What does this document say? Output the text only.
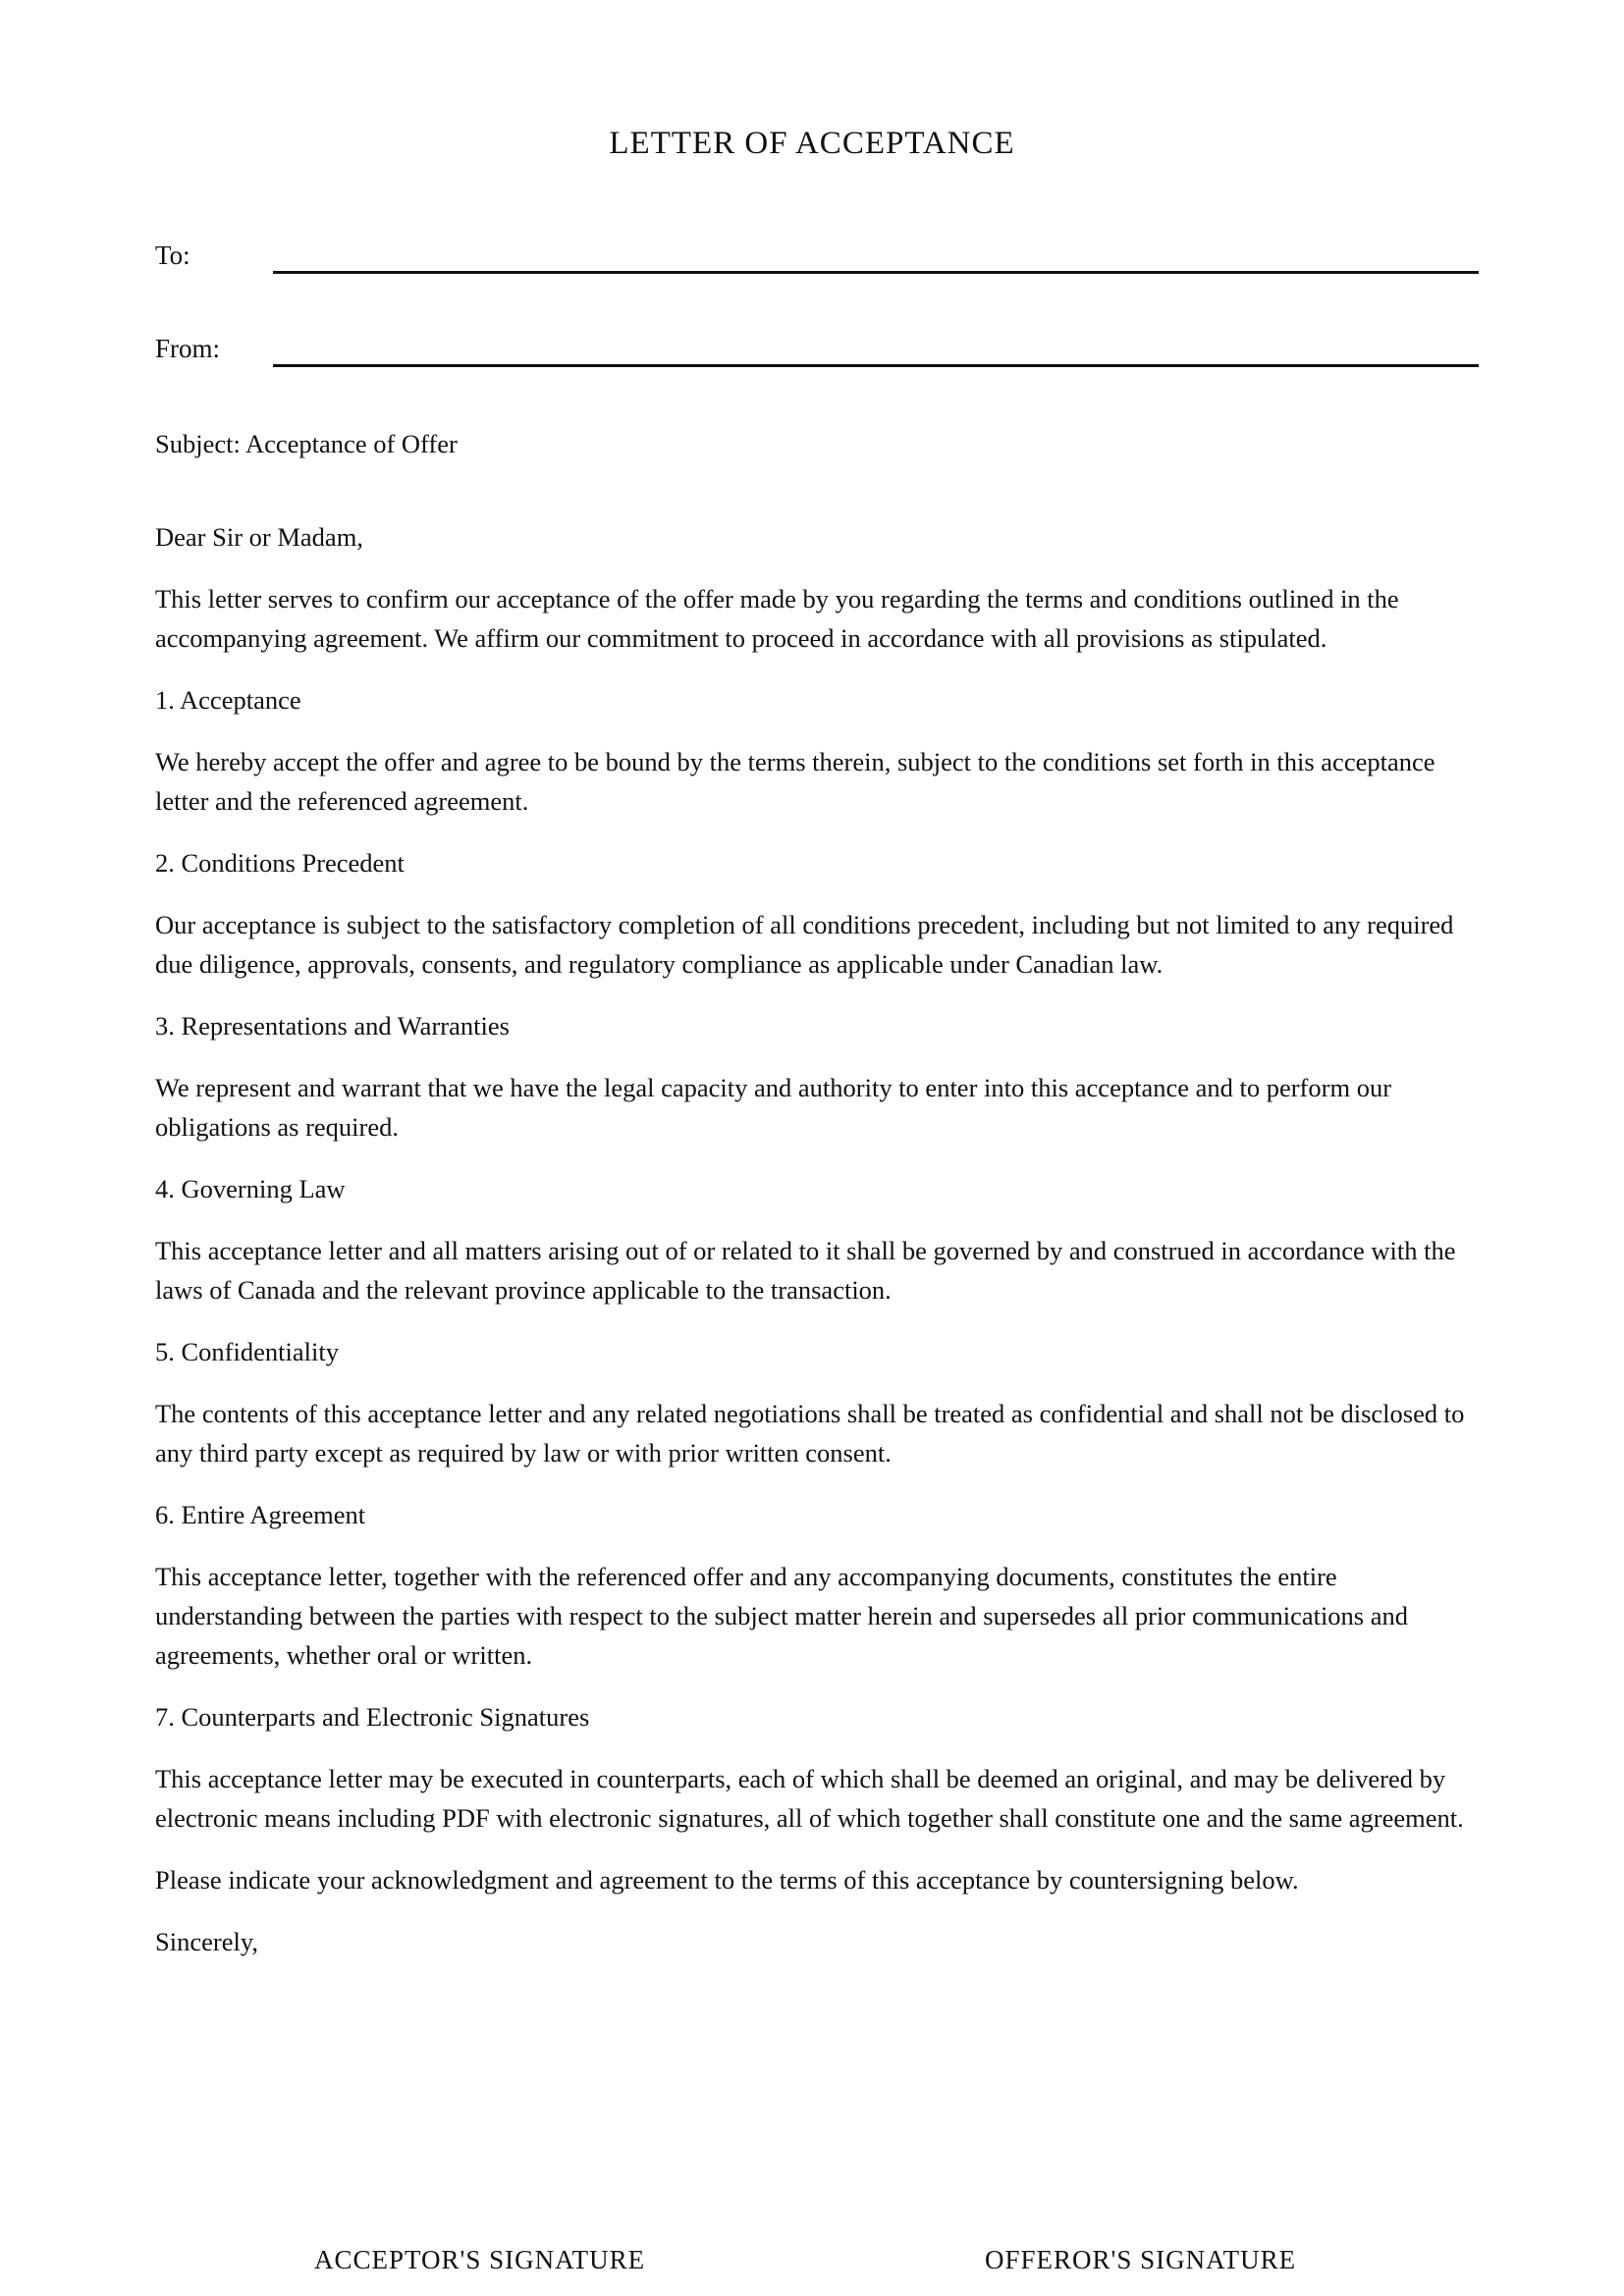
LETTER OF ACCEPTANCE
To:
From:

Subject: Acceptance of Offer

Dear Sir or Madam,

This letter serves to confirm our acceptance of the offer made by you regarding the terms and conditions outlined in the accompanying agreement. We affirm our commitment to proceed in accordance with all provisions as stipulated.

1. Acceptance

We hereby accept the offer and agree to be bound by the terms therein, subject to the conditions set forth in this acceptance letter and the referenced agreement.

2. Conditions Precedent

Our acceptance is subject to the satisfactory completion of all conditions precedent, including but not limited to any required due diligence, approvals, consents, and regulatory compliance as applicable under Canadian law.

3. Representations and Warranties

We represent and warrant that we have the legal capacity and authority to enter into this acceptance and to perform our obligations as required.

4. Governing Law

This acceptance letter and all matters arising out of or related to it shall be governed by and construed in accordance with the laws of Canada and the relevant province applicable to the transaction.

5. Confidentiality

The contents of this acceptance letter and any related negotiations shall be treated as confidential and shall not be disclosed to any third party except as required by law or with prior written consent.

6. Entire Agreement

This acceptance letter, together with the referenced offer and any accompanying documents, constitutes the entire understanding between the parties with respect to the subject matter herein and supersedes all prior communications and agreements, whether oral or written.

7. Counterparts and Electronic Signatures

This acceptance letter may be executed in counterparts, each of which shall be deemed an original, and may be delivered by electronic means including PDF with electronic signatures, all of which together shall constitute one and the same agreement.

Please indicate your acknowledgment and agreement to the terms of this acceptance by countersigning below.

Sincerely,

ACCEPTOR'S SIGNATURE	OFFEROR'S SIGNATURE
